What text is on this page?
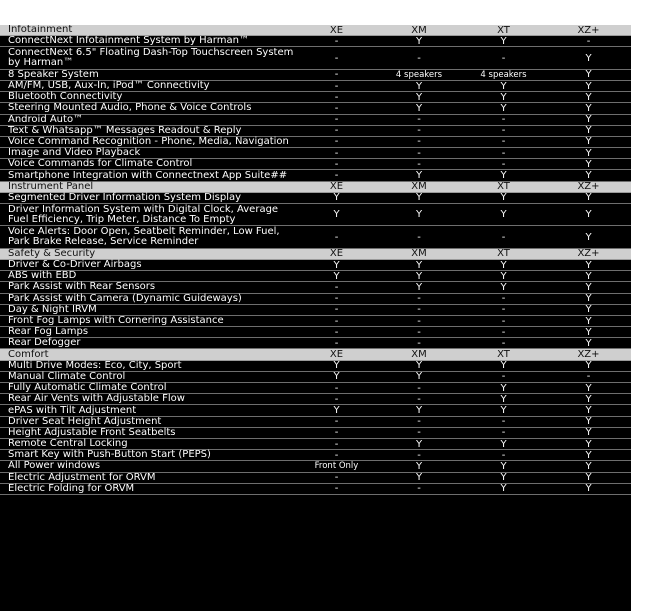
Infotainment	XE	XM	XT	XZ+
ConnectNext Infotainment System by Harman™	-	Y	Y	-
ConnectNext 6.5" Floating Dash-Top Touchscreen System by Harman™	-	-	-	Y
8 Speaker System	-	4 speakers	4 speakers	Y
AM/FM, USB, Aux-In, iPod™ Connectivity	-	Y	Y	Y
Bluetooth Connectivity	-	Y	Y	Y
Steering Mounted Audio, Phone & Voice Controls	-	Y	Y	Y
Android Auto™	-	-	-	Y
Text & Whatsapp™ Messages Readout & Reply	-	-	-	Y
Voice Command Recognition - Phone, Media, Navigation	-	-	-	Y
Image and Video Playback	-	-	-	Y
Voice Commands for Climate Control	-	-	-	Y
Smartphone Integration with Connectnext App Suite##	-	Y	Y	Y
Instrument Panel	XE	XM	XT	XZ+
Segmented Driver Information System Display	Y	Y	Y	Y
Driver Information System with Digital Clock, Average Fuel Efficiency, Trip Meter, Distance To Empty	Y	Y	Y	Y
Voice Alerts: Door Open, Seatbelt Reminder, Low Fuel, Park Brake Release, Service Reminder	-	-	-	Y
Safety & Security	XE	XM	XT	XZ+
Driver & Co-Driver Airbags	Y	Y	Y	Y
ABS with EBD	Y	Y	Y	Y
Park Assist with Rear Sensors	-	Y	Y	Y
Park Assist with Camera (Dynamic Guideways)	-	-	-	Y
Day & Night IRVM	-	-	-	Y
Front Fog Lamps with Cornering Assistance	-	-	-	Y
Rear Fog Lamps	-	-	-	Y
Rear Defogger	-	-	-	Y
Comfort	XE	XM	XT	XZ+
Multi Drive Modes: Eco, City, Sport	Y	Y	Y	Y
Manual Climate Control	Y	Y	-	-
Fully Automatic Climate Control	-	-	Y	Y
Rear Air Vents with Adjustable Flow	-	-	Y	Y
ePAS with Tilt Adjustment	Y	Y	Y	Y
Driver Seat Height Adjustment	-	-	-	Y
Height Adjustable Front Seatbelts	-	-	-	Y
Remote Central Locking	-	Y	Y	Y
Smart Key with Push-Button Start (PEPS)	-	-	-	Y
All Power windows	Front Only	Y	Y	Y
Electric Adjustment for ORVM	-	Y	Y	Y
Electric Folding for ORVM	-	-	Y	Y
